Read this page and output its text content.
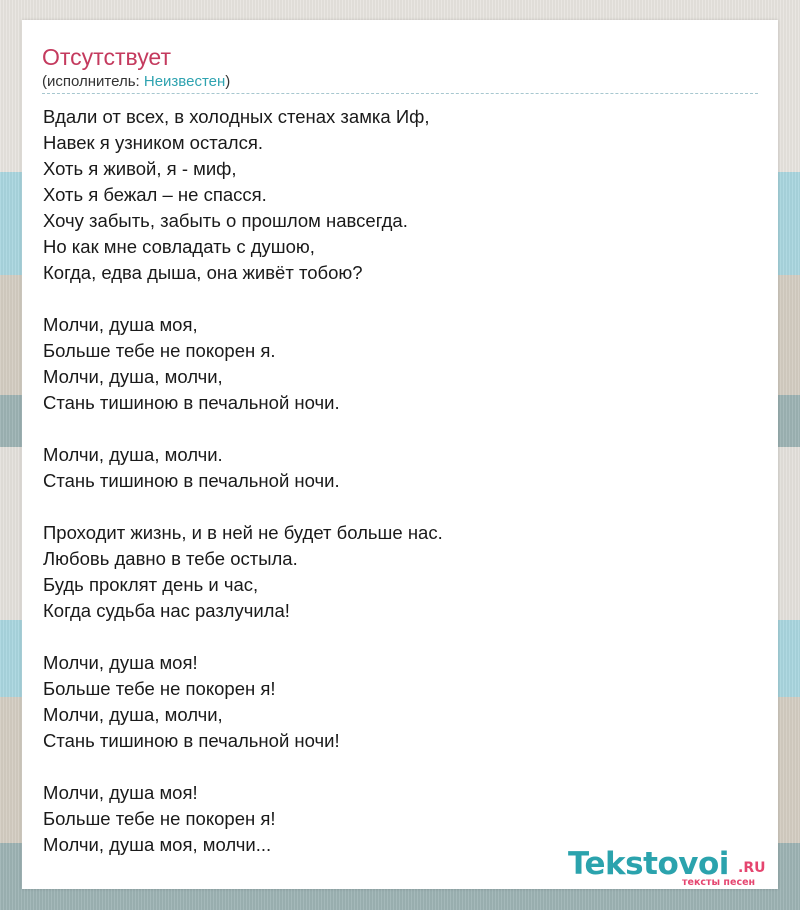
Отсутствует
(исполнитель: Неизвестен)
Вдали от всех, в холодных стенах замка Иф,
Навек я узником остался.
Хоть я живой, я - миф,
Хоть я бежал – не спасся.
Хочу забыть, забыть о прошлом навсегда.
Но как мне совладать с душою,
Когда, едва дыша, она живёт тобою?
Молчи, душа моя,
Больше тебе не покорен я.
Молчи, душа, молчи,
Стань тишиною в печальной ночи.
Молчи, душа, молчи.
Стань тишиною в печальной ночи.
Проходит жизнь, и в ней не будет больше нас.
Любовь давно в тебе остыла.
Будь проклят день и час,
Когда судьба нас разлучила!
Молчи, душа моя!
Больше тебе не покорен я!
Молчи, душа, молчи,
Стань тишиною в печальной ночи!
Молчи, душа моя!
Больше тебе не покорен я!
Молчи, душа моя, молчи...
Tekstovoi .RU
тексты песен
